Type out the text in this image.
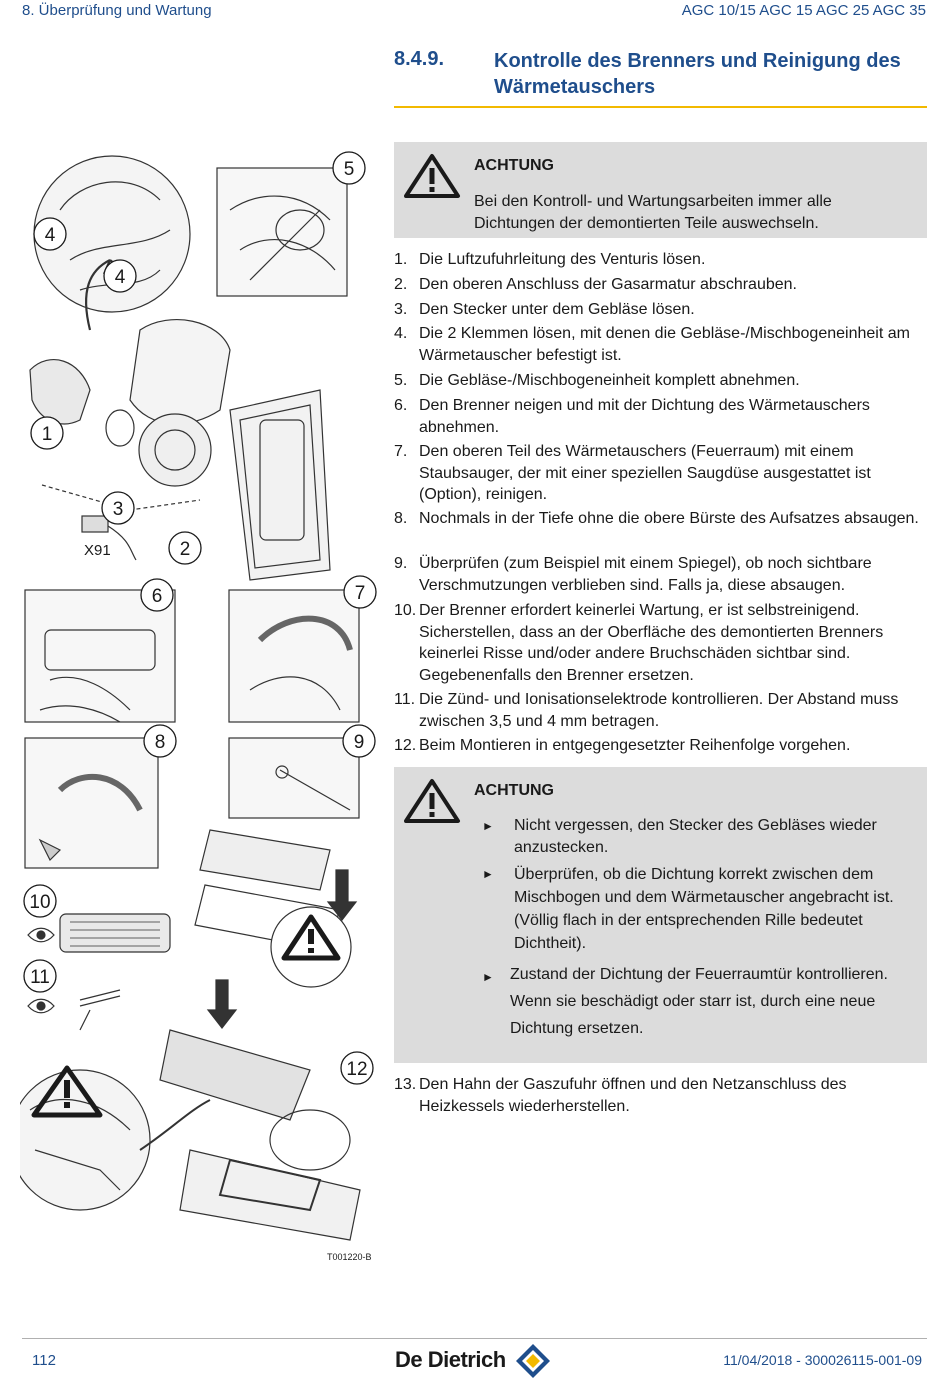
8. Überprüfung und Wartung	AGC 10/15 AGC 15 AGC 25 AGC 35
8.4.9. Kontrolle des Brenners und Reinigung des Wärmetauschers
ACHTUNG
Bei den Kontroll- und Wartungsarbeiten immer alle Dichtungen der demontierten Teile auswechseln.
1. Die Luftzufuhrleitung des Venturis lösen.
2. Den oberen Anschluss der Gasarmatur abschrauben.
3. Den Stecker unter dem Gebläse lösen.
4. Die 2 Klemmen lösen, mit denen die Gebläse-/Mischbogeneinheit am Wärmetauscher befestigt ist.
5. Die Gebläse-/Mischbogeneinheit komplett abnehmen.
6. Den Brenner neigen und mit der Dichtung des Wärmetauschers abnehmen.
7. Den oberen Teil des Wärmetauschers (Feuerraum) mit einem Staubsauger, der mit einer speziellen Saugdüse ausgestattet ist (Option), reinigen.
8. Nochmals in der Tiefe ohne die obere Bürste des Aufsatzes absaugen.
9. Überprüfen (zum Beispiel mit einem Spiegel), ob noch sichtbare Verschmutzungen verblieben sind. Falls ja, diese absaugen.
10. Der Brenner erfordert keinerlei Wartung, er ist selbstreinigend. Sicherstellen, dass an der Oberfläche des demontierten Brenners keinerlei Risse und/oder andere Bruchschäden sichtbar sind. Gegebenenfalls den Brenner ersetzen.
11. Die Zünd- und Ionisationselektrode kontrollieren. Der Abstand muss zwischen 3,5 und 4 mm betragen.
12. Beim Montieren in entgegengesetzter Reihenfolge vorgehen.
ACHTUNG
► Nicht vergessen, den Stecker des Gebläses wieder anzustecken.
► Überprüfen, ob die Dichtung korrekt zwischen dem Mischbogen und dem Wärmetauscher angebracht ist. (Völlig flach in der entsprechenden Rille bedeutet Dichtheit).
► Zustand der Dichtung der Feuerraumtür kontrollieren. Wenn sie beschädigt oder starr ist, durch eine neue Dichtung ersetzen.
13. Den Hahn der Gaszufuhr öffnen und den Netzanschluss des Heizkessels wiederherstellen.
1
2
3
4
4
5
6	7
8	9
10
11
12
X91
T001220-B
112	De Dietrich	11/04/2018 - 300026115-001-09
